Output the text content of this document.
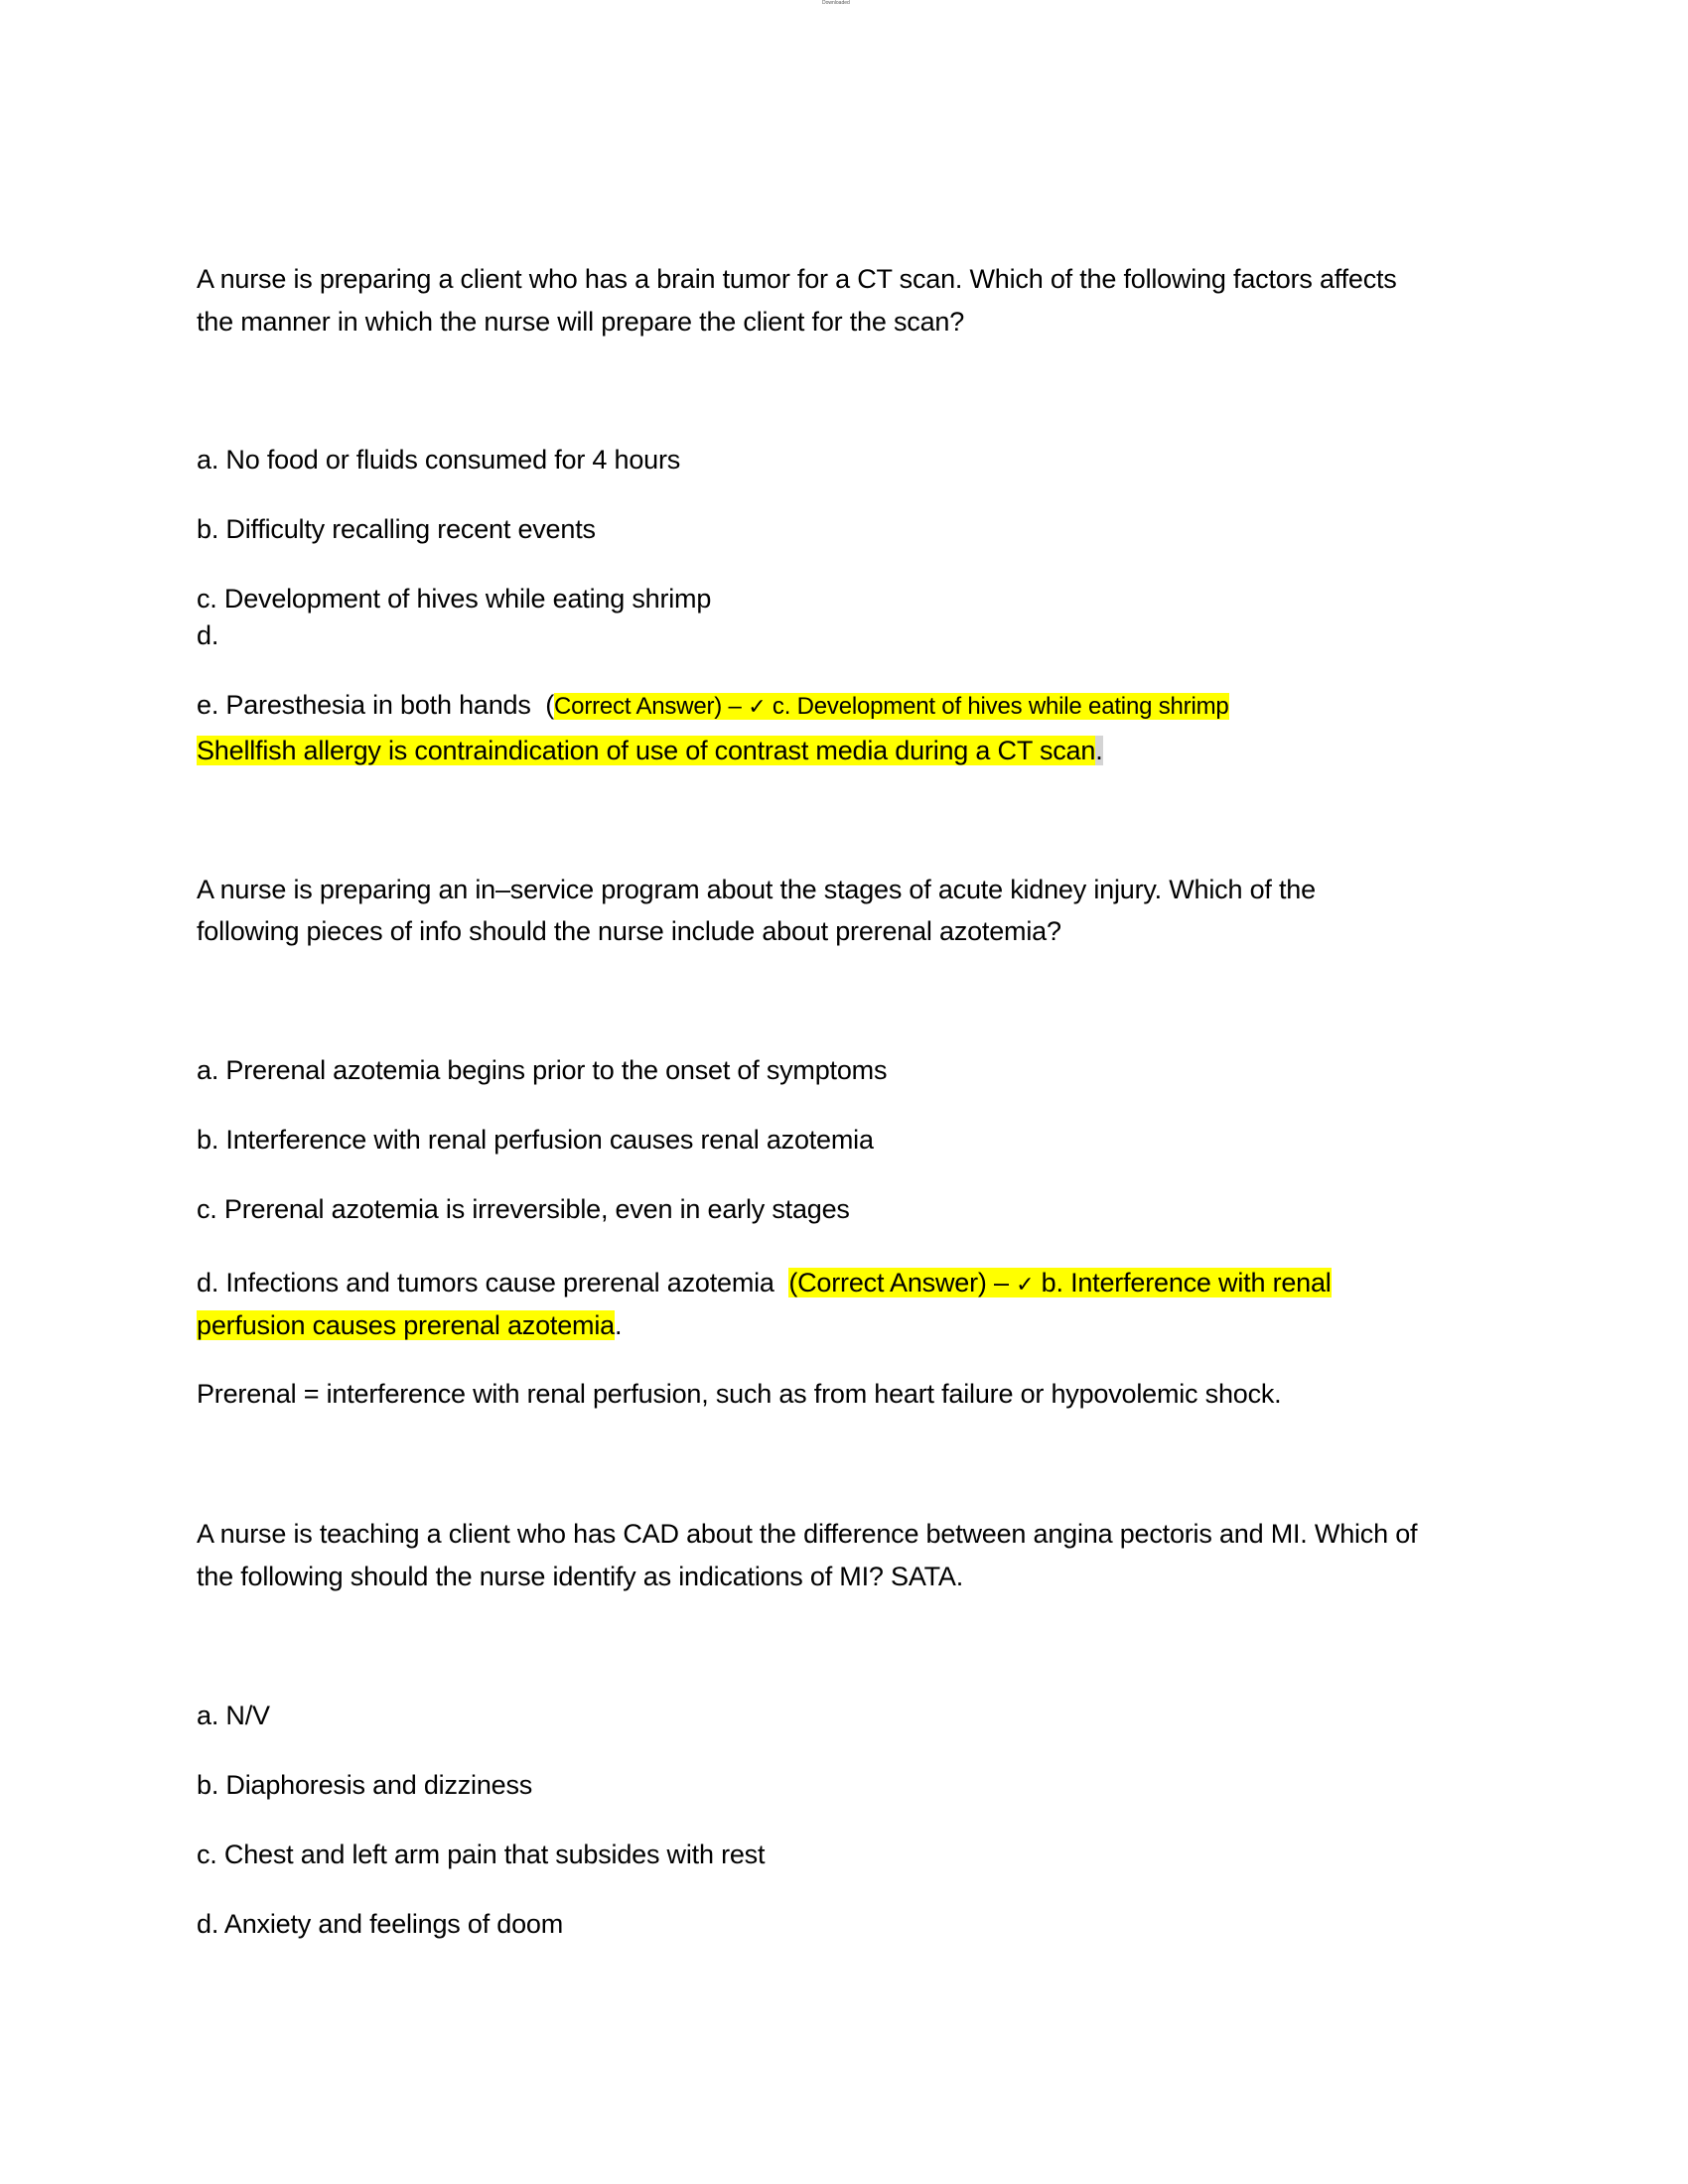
Downloaded
A nurse is preparing a client who has a brain tumor for a CT scan. Which of the following factors affects
the manner in which the nurse will prepare the client for the scan?
a. No food or fluids consumed for 4 hours
b. Difficulty recalling recent events
c. Development of hives while eating shrimp
d.
e. Paresthesia in both hands (Correct Answer) – ✓ c. Development of hives while eating shrimp
Shellfish allergy is contraindication of use of contrast media during a CT scan.
A nurse is preparing an in–service program about the stages of acute kidney injury. Which of the
following pieces of info should the nurse include about prerenal azotemia?
a. Prerenal azotemia begins prior to the onset of symptoms
b. Interference with renal perfusion causes renal azotemia
c. Prerenal azotemia is irreversible, even in early stages
d. Infections and tumors cause prerenal azotemia (Correct Answer) – ✓ b. Interference with renal
perfusion causes prerenal azotemia.
Prerenal = interference with renal perfusion, such as from heart failure or hypovolemic shock.
A nurse is teaching a client who has CAD about the difference between angina pectoris and MI. Which of
the following should the nurse identify as indications of MI? SATA.
a. N/V
b. Diaphoresis and dizziness
c. Chest and left arm pain that subsides with rest
d. Anxiety and feelings of doom
